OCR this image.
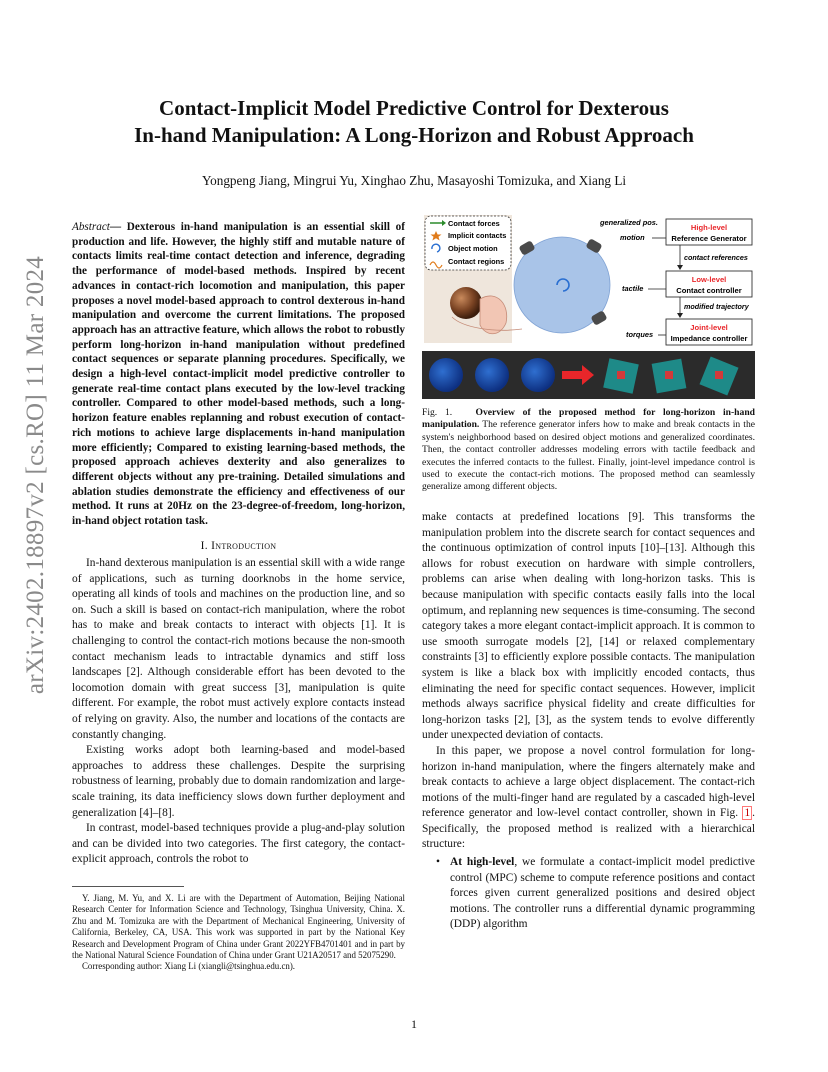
arXiv:2402.18897v2 [cs.RO] 11 Mar 2024
Contact-Implicit Model Predictive Control for Dexterous
In-hand Manipulation: A Long-Horizon and Robust Approach
Yongpeng Jiang, Mingrui Yu, Xinghao Zhu, Masayoshi Tomizuka, and Xiang Li
Abstract— Dexterous in-hand manipulation is an essential skill of production and life. However, the highly stiff and mutable nature of contacts limits real-time contact detection and inference, degrading the performance of model-based methods. Inspired by recent advances in contact-rich locomotion and manipulation, this paper proposes a novel model-based approach to control dexterous in-hand manipulation and overcome the current limitations. The proposed approach has an attractive feature, which allows the robot to robustly perform long-horizon in-hand manipulation without predefined contact sequences or separate planning procedures. Specifically, we design a high-level contact-implicit model predictive controller to generate real-time contact plans executed by the low-level tracking controller. Compared to other model-based methods, such a long-horizon feature enables replanning and robust execution of contact-rich motions to achieve large displacements in-hand manipulation more efficiently; Compared to existing learning-based methods, the proposed approach achieves dexterity and also generalizes to different objects without any pre-training. Detailed simulations and ablation studies demonstrate the efficiency and effectiveness of our method. It runs at 20Hz on the 23-degree-of-freedom, long-horizon, in-hand object rotation task.
I. Introduction

In-hand dexterous manipulation is an essential skill with a wide range of applications, such as turning doorknobs in the home service, operating all kinds of tools and machines on the production line, and so on. Such a skill is based on contact-rich manipulation, where the robot has to make and break contacts to interact with objects [1]. It is challenging to control the contact-rich motions because the non-smooth contact mechanism leads to intractable dynamics and stiff loss landscapes [2]. Although considerable effort has been devoted to the locomotion domain with great success [3], manipulation is quite different. For example, the robot must actively explore contacts instead of relying on gravity. Also, the number and locations of the contacts are constantly changing.

Existing works adopt both learning-based and model-based approaches to address these challenges. Despite the surprising robustness of learning, probably due to domain randomization and large-scale training, its data inefficiency slows down further deployment and generalization [4]–[8].

In contrast, model-based techniques provide a plug-and-play solution and can be divided into two categories. The first category, the contact-explicit approach, controls the robot to

Y. Jiang, M. Yu, and X. Li are with the Department of Automation, Beijing National Research Center for Information Science and Technology, Tsinghua University, China. X. Zhu and M. Tomizuka are with the Department of Mechanical Engineering, University of California, Berkeley, CA, USA. This work was supported in part by the National Key Research and Development Program of China under Grant 2022YFB4701401 and in part by the National Natural Science Foundation of China under Grant U21A20517 and 52075290.

Corresponding author: Xiang Li (xiangli@tsinghua.edu.cn).

Contact forces
Implicit contacts
Object motion
Contact regions
generalized pos.
motion
tactile
torques
High-level
Reference Generator
contact references
Low-level
Contact controller
modified trajectory
Joint-level
Impedance controller
Fig. 1. Overview of the proposed method for long-horizon in-hand manipulation. The reference generator infers how to make and break contacts in the system's neighborhood based on desired object motions and generalized coordinates. Then, the contact controller addresses modeling errors with tactile feedback and executes the inferred contacts to the fullest. Finally, joint-level impedance control is used to execute the contact-rich motions. The proposed method can seamlessly generalize among different objects.

make contacts at predefined locations [9]. This transforms the manipulation problem into the discrete search for contact sequences and the continuous optimization of control inputs [10]–[13]. Although this allows for robust execution on hardware with simple controllers, problems can arise when dealing with long-horizon tasks. This is because manipulation with specific contacts easily falls into the local optimum, and replanning new sequences is time-consuming. The second category takes a more elegant contact-implicit approach. It is common to use smooth surrogate models [2], [14] or relaxed complementary constraints [3] to efficiently explore possible contacts. The manipulation system is like a black box with implicitly encoded contacts, thus eliminating the need for specific contact sequences. However, implicit methods always sacrifice physical fidelity and create difficulties for long-horizon tasks [2], [3], as the system tends to evolve differently under unexpected deviation of contacts.

In this paper, we propose a novel control formulation for long-horizon in-hand manipulation, where the fingers alternately make and break contacts to achieve a large object displacement. The contact-rich motions of the multi-finger hand are regulated by a cascaded high-level reference generator and low-level contact controller, shown in Fig. 1 . Specifically, the proposed method is realized with a hierarchical structure:

• At high-level, we formulate a contact-implicit model predictive control (MPC) scheme to compute reference positions and contact forces given current generalized positions and desired object motions. The controller runs a differential dynamic programming (DDP) algorithm

1
